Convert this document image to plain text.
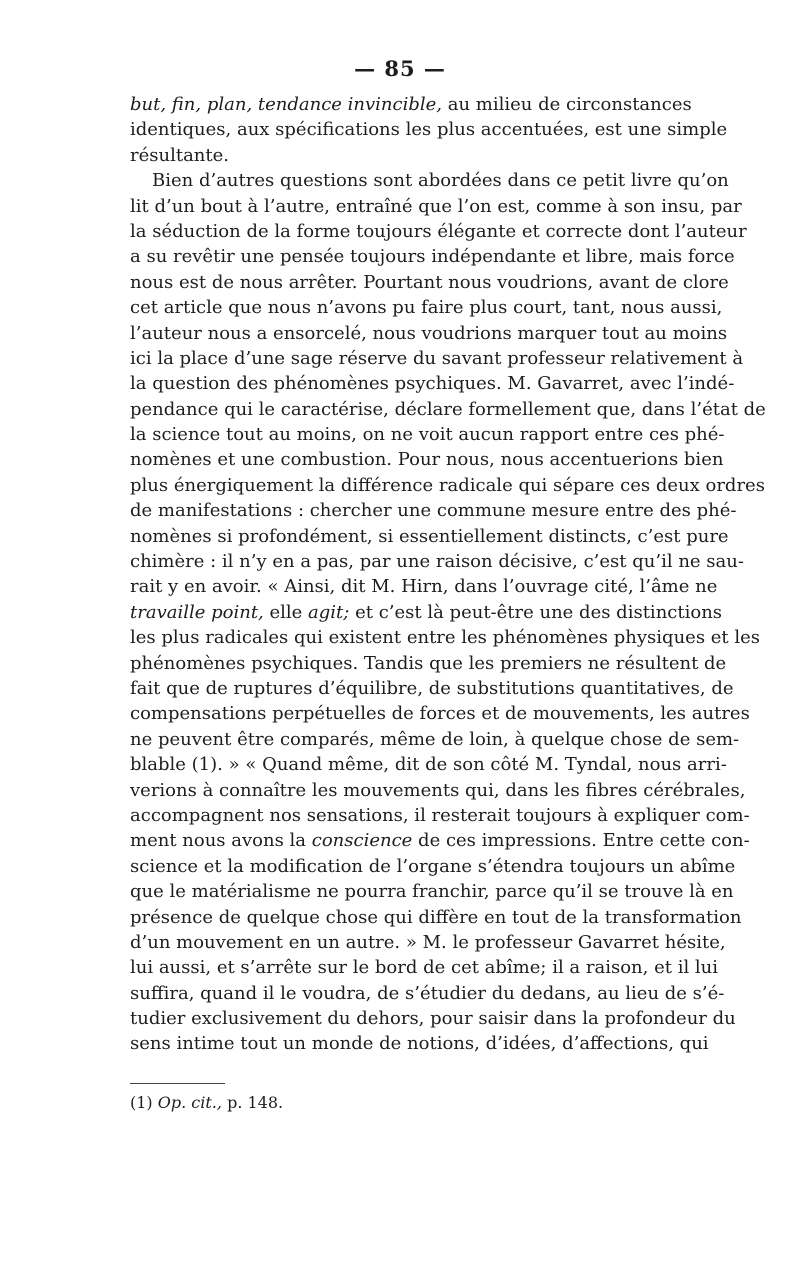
— 85 —
but, fin, plan, tendance invincible, au milieu de circonstances
identiques, aux spécifications les plus accentuées, est une simple
résultante.
Bien d’autres questions sont abordées dans ce petit livre qu’on
lit d’un bout à l’autre, entraîné que l’on est, comme à son insu, par
la séduction de la forme toujours élégante et correcte dont l’auteur
a su revêtir une pensée toujours indépendante et libre, mais force
nous est de nous arrêter. Pourtant nous voudrions, avant de clore
cet article que nous n’avons pu faire plus court, tant, nous aussi,
l’auteur nous a ensorcelé, nous voudrions marquer tout au moins
ici la place d’une sage réserve du savant professeur relativement à
la question des phénomènes psychiques. M. Gavarret, avec l’indé-
pendance qui le caractérise, déclare formellement que, dans l’état de
la science tout au moins, on ne voit aucun rapport entre ces phé-
nomènes et une combustion. Pour nous, nous accentuerions bien
plus énergiquement la différence radicale qui sépare ces deux ordres
de manifestations : chercher une commune mesure entre des phé-
nomènes si profondément, si essentiellement distincts, c’est pure
chimère : il n’y en a pas, par une raison décisive, c’est qu’il ne sau-
rait y en avoir. « Ainsi, dit M. Hirn, dans l’ouvrage cité, l’âme ne
travaille point, elle agit; et c’est là peut-être une des distinctions
les plus radicales qui existent entre les phénomènes physiques et les
phénomènes psychiques. Tandis que les premiers ne résultent de
fait que de ruptures d’équilibre, de substitutions quantitatives, de
compensations perpétuelles de forces et de mouvements, les autres
ne peuvent être comparés, même de loin, à quelque chose de sem-
blable (1). » « Quand même, dit de son côté M. Tyndal, nous arri-
verions à connaître les mouvements qui, dans les fibres cérébrales,
accompagnent nos sensations, il resterait toujours à expliquer com-
ment nous avons la conscience de ces impressions. Entre cette con-
science et la modification de l’organe s’étendra toujours un abîme
que le matérialisme ne pourra franchir, parce qu’il se trouve là en
présence de quelque chose qui diffère en tout de la transformation
d’un mouvement en un autre. » M. le professeur Gavarret hésite,
lui aussi, et s’arrête sur le bord de cet abîme; il a raison, et il lui
suffira, quand il le voudra, de s’étudier du dedans, au lieu de s’é-
tudier exclusivement du dehors, pour saisir dans la profondeur du
sens intime tout un monde de notions, d’idées, d’affections, qui
(1) Op. cit., p. 148.
